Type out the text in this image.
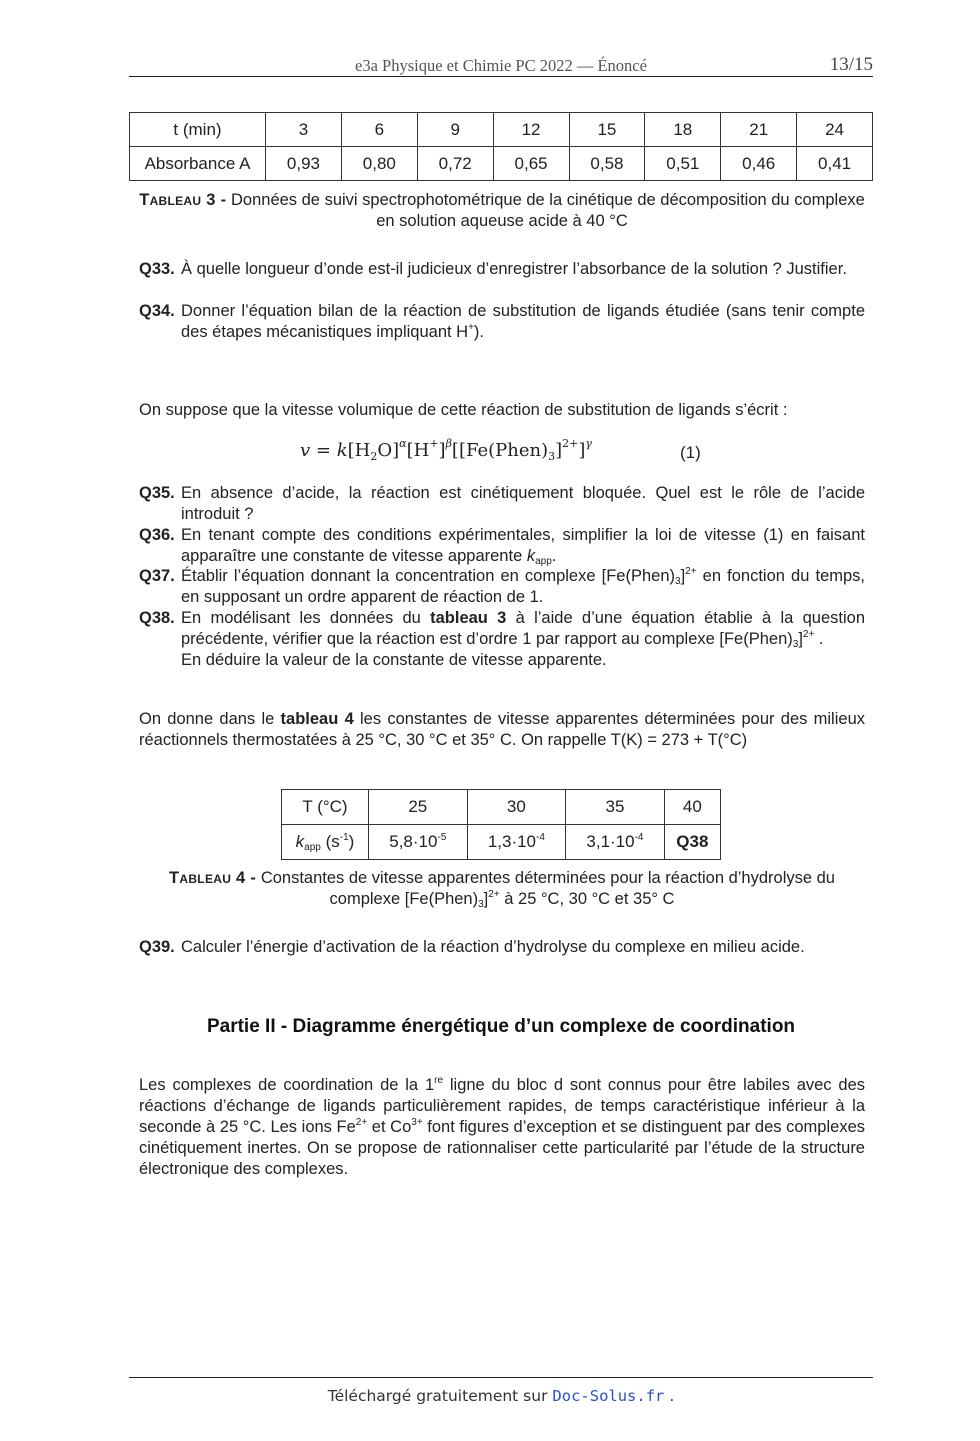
e3a Physique et Chimie PC 2022 — Énoncé	13/15
t (min)	3	6	9	12	15	18	21	24
Absorbance A	0,93	0,80	0,72	0,65	0,58	0,51	0,46	0,41
Tableau 3 - Données de suivi spectrophotométrique de la cinétique de décomposition du complexe en solution aqueuse acide à 40 °C
Q33. À quelle longueur d’onde est-il judicieux d’enregistrer l’absorbance de la solution ? Justifier.
Q34. Donner l’équation bilan de la réaction de substitution de ligands étudiée (sans tenir compte des étapes mécanistiques impliquant H+).
On suppose que la vitesse volumique de cette réaction de substitution de ligands s’écrit :
$v = k[H_2O]^\alpha[H^+]^\beta[[Fe(Phen)_3]^{2+}]^\gamma$	(1)
Q35. En absence d’acide, la réaction est cinétiquement bloquée. Quel est le rôle de l’acide introduit ?
Q36. En tenant compte des conditions expérimentales, simplifier la loi de vitesse (1) en faisant apparaître une constante de vitesse apparente $k_{app}$.
Q37. Établir l’équation donnant la concentration en complexe $[Fe(Phen)_3]^{2+}$ en fonction du temps, en supposant un ordre apparent de réaction de 1.
Q38. En modélisant les données du tableau 3 à l’aide d’une équation établie à la question précédente, vérifier que la réaction est d’ordre 1 par rapport au complexe $[Fe(Phen)_3]^{2+}$ .
En déduire la valeur de la constante de vitesse apparente.
On donne dans le tableau 4 les constantes de vitesse apparentes déterminées pour des milieux réactionnels thermostatées à 25 °C, 30 °C et 35° C. On rappelle T(K) = 273 + T(°C)
T (°C)	25	30	35	40
$k_{app}$ $(s^{-1})$	$5,8\cdot 10^{-5}$	$1,3\cdot 10^{-4}$	$3,1\cdot 10^{-4}$	Q38
Tableau 4 - Constantes de vitesse apparentes déterminées pour la réaction d’hydrolyse du complexe $[Fe(Phen)_3]^{2+}$ à 25 °C, 30 °C et 35° C
Q39. Calculer l’énergie d’activation de la réaction d’hydrolyse du complexe en milieu acide.
Partie II - Diagramme énergétique d’un complexe de coordination
Les complexes de coordination de la 1re ligne du bloc d sont connus pour être labiles avec des réactions d’échange de ligands particulièrement rapides, de temps caractéristique inférieur à la seconde à 25 °C. Les ions $Fe^{2+}$ et $Co^{3+}$ font figures d’exception et se distinguent par des complexes cinétiquement inertes. On se propose de rationnaliser cette particularité par l’étude de la structure électronique des complexes.
Téléchargé gratuitement sur Doc-Solus.fr .
